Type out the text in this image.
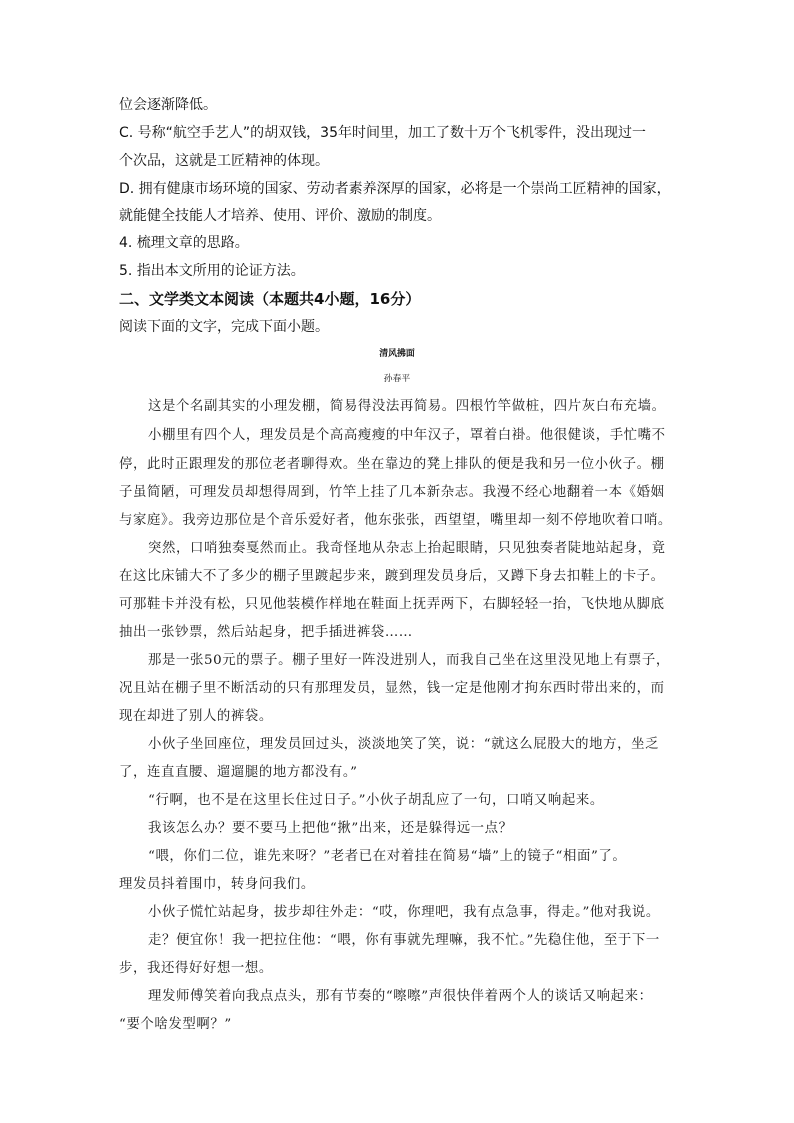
位会逐渐降低。
C. 号称“航空手艺人”的胡双钱，35年时间里，加工了数十万个飞机零件，没出现过一
个次品，这就是工匠精神的体现。
D. 拥有健康市场环境的国家、劳动者素养深厚的国家，必将是一个崇尚工匠精神的国家，
就能健全技能人才培养、使用、评价、激励的制度。
4. 梳理文章的思路。
5. 指出本文所用的论证方法。
二、文学类文本阅读（本题共4小题，16分）
阅读下面的文字，完成下面小题。
清风拂面
孙春平
这是个名副其实的小理发棚，简易得没法再简易。四根竹竿做桩，四片灰白布充墙。
小棚里有四个人，理发员是个高高瘦瘦的中年汉子，罩着白褂。他很健谈，手忙嘴不
停，此时正跟理发的那位老者聊得欢。坐在靠边的凳上排队的便是我和另一位小伙子。棚
子虽简陋，可理发员却想得周到，竹竿上挂了几本新杂志。我漫不经心地翻着一本《婚姻
与家庭》。我旁边那位是个音乐爱好者，他东张张，西望望，嘴里却一刻不停地吹着口哨。
突然，口哨独奏戛然而止。我奇怪地从杂志上抬起眼睛，只见独奏者陡地站起身，竟
在这比床铺大不了多少的棚子里踱起步来，踱到理发员身后，又蹲下身去扣鞋上的卡子。
可那鞋卡并没有松，只见他装模作样地在鞋面上抚弄两下，右脚轻轻一抬，飞快地从脚底
抽出一张钞票，然后站起身，把手插进裤袋……
那是一张50元的票子。棚子里好一阵没进别人，而我自己坐在这里没见地上有票子，
况且站在棚子里不断活动的只有那理发员，显然，钱一定是他刚才拘东西时带出来的，而
现在却进了别人的裤袋。
小伙子坐回座位，理发员回过头，淡淡地笑了笑，说：“就这么屁股大的地方，坐乏
了，连直直腰、遛遛腿的地方都没有。”
“行啊，也不是在这里长住过日子。”小伙子胡乱应了一句，口哨又响起来。
我该怎么办？要不要马上把他“揪”出来，还是躲得远一点？
“喂，你们二位，谁先来呀？”老者已在对着挂在简易“墙”上的镜子“相面”了。
理发员抖着围巾，转身问我们。
小伙子慌忙站起身，拔步却往外走：“哎，你理吧，我有点急事，得走。”他对我说。
走？便宜你！我一把拉住他：“喂，你有事就先理嘛，我不忙。”先稳住他，至于下一
步，我还得好好想一想。
理发师傅笑着向我点点头，那有节奏的“嚓嚓”声很快伴着两个人的谈话又响起来：
“要个啥发型啊？”
